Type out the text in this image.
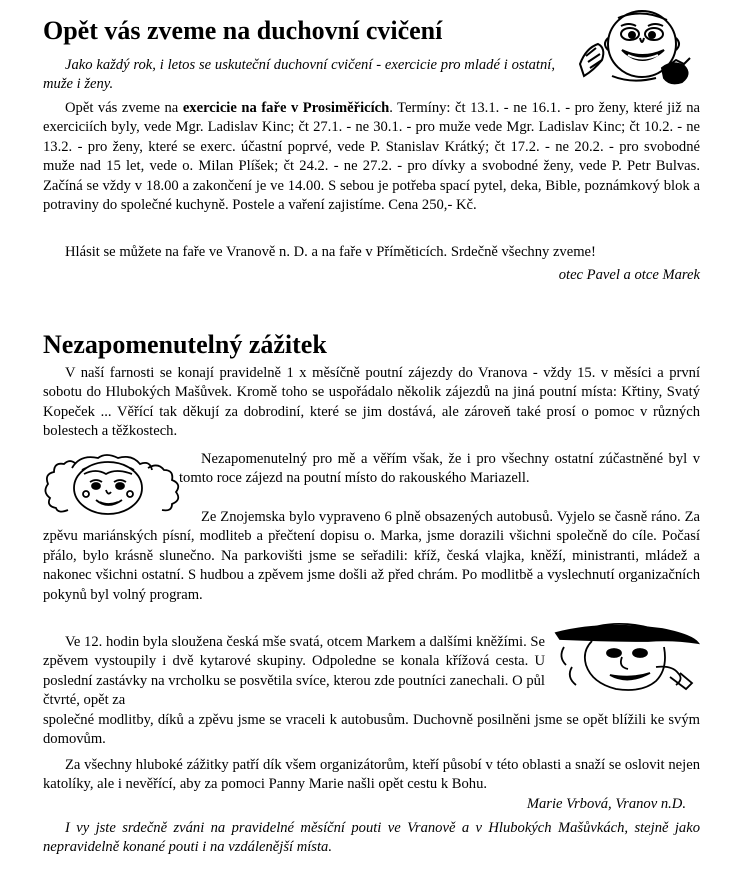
Opět vás zveme na duchovní cvičení
Jako každý rok, i letos se uskuteční duchovní cvičení - exercicie pro mladé i ostatní, muže i ženy.
Opět vás zveme na exercicie na faře v Prosiměřicích. Termíny: čt 13.1. - ne 16.1. - pro ženy, které již na exerciciích byly, vede Mgr. Ladislav Kinc; čt 27.1. - ne 30.1. - pro muže vede Mgr. Ladislav Kinc; čt 10.2. - ne 13.2. - pro ženy, které se exerc. účastní poprvé, vede P. Stanislav Krátký; čt 17.2. - ne 20.2. - pro svobodné muže nad 15 let, vede o. Milan Plíšek; čt 24.2. - ne 27.2. - pro dívky a svobodné ženy, vede P. Petr Bulvas. Začíná se vždy v 18.00 a zakončení je ve 14.00. S sebou je potřeba spací pytel, deka, Bible, poznámkový blok a potraviny do společné kuchyně. Postele a vaření zajistíme. Cena 250,- Kč.
Hlásit se můžete na faře ve Vranově n. D. a na faře v Příměticích. Srdečně všechny zveme!
otec Pavel a otce Marek
Nezapomenutelný zážitek
V naší farnosti se konají pravidelně 1 x měsíčně poutní zájezdy do Vranova - vždy 15. v měsíci a první sobotu do Hlubokých Mašůvek. Kromě toho se uspořádalo několik zájezdů na jiná poutní místa: Křtiny, Svatý Kopeček ... Věřící tak děkují za dobrodiní, které se jim dostává, ale zároveň také prosí o pomoc v různých bolestech a těžkostech.
Nezapomenutelný pro mě a věřím však, že i pro všechny ostatní zúčastněné byl v tomto roce zájezd na poutní místo do rakouského Mariazell.
Ze Znojemska bylo vypraveno 6 plně obsazených autobusů. Vyjelo se časně ráno. Za zpěvu mariánských písní, modliteb a přečtení dopisu o. Marka, jsme dorazili všichni společně do cíle. Počasí přálo, bylo krásně slunečno. Na parkovišti jsme se seřadili: kříž, česká vlajka, kněží, ministranti, mládež a nakonec všichni ostatní. S hudbou a zpěvem jsme došli až před chrám. Po modlitbě a vyslechnutí organizačních pokynů byl volný program.
Ve 12. hodin byla sloužena česká mše svatá, otcem Markem a dalšími kněžími. Se zpěvem vystoupily i dvě kytarové skupiny. Odpoledne se konala křížová cesta. U poslední zastávky na vrcholku se posvětila svíce, kterou zde poutníci zanechali. O půl čtvrté, opět za
společné modlitby, díků a zpěvu jsme se vraceli k autobusům. Duchovně posilněni jsme se opět blížili ke svým domovům.
Za všechny hluboké zážitky patří dík všem organizátorům, kteří působí v této oblasti a snaží se oslovit nejen katolíky, ale i nevěřící, aby za pomoci Panny Marie našli opět cestu k Bohu.
Marie Vrbová, Vranov n.D.
I vy jste srdečně zváni na pravidelné měsíční pouti ve Vranově a v Hlubokých Mašůvkách, stejně jako nepravidelně konané pouti i na vzdálenější místa.
